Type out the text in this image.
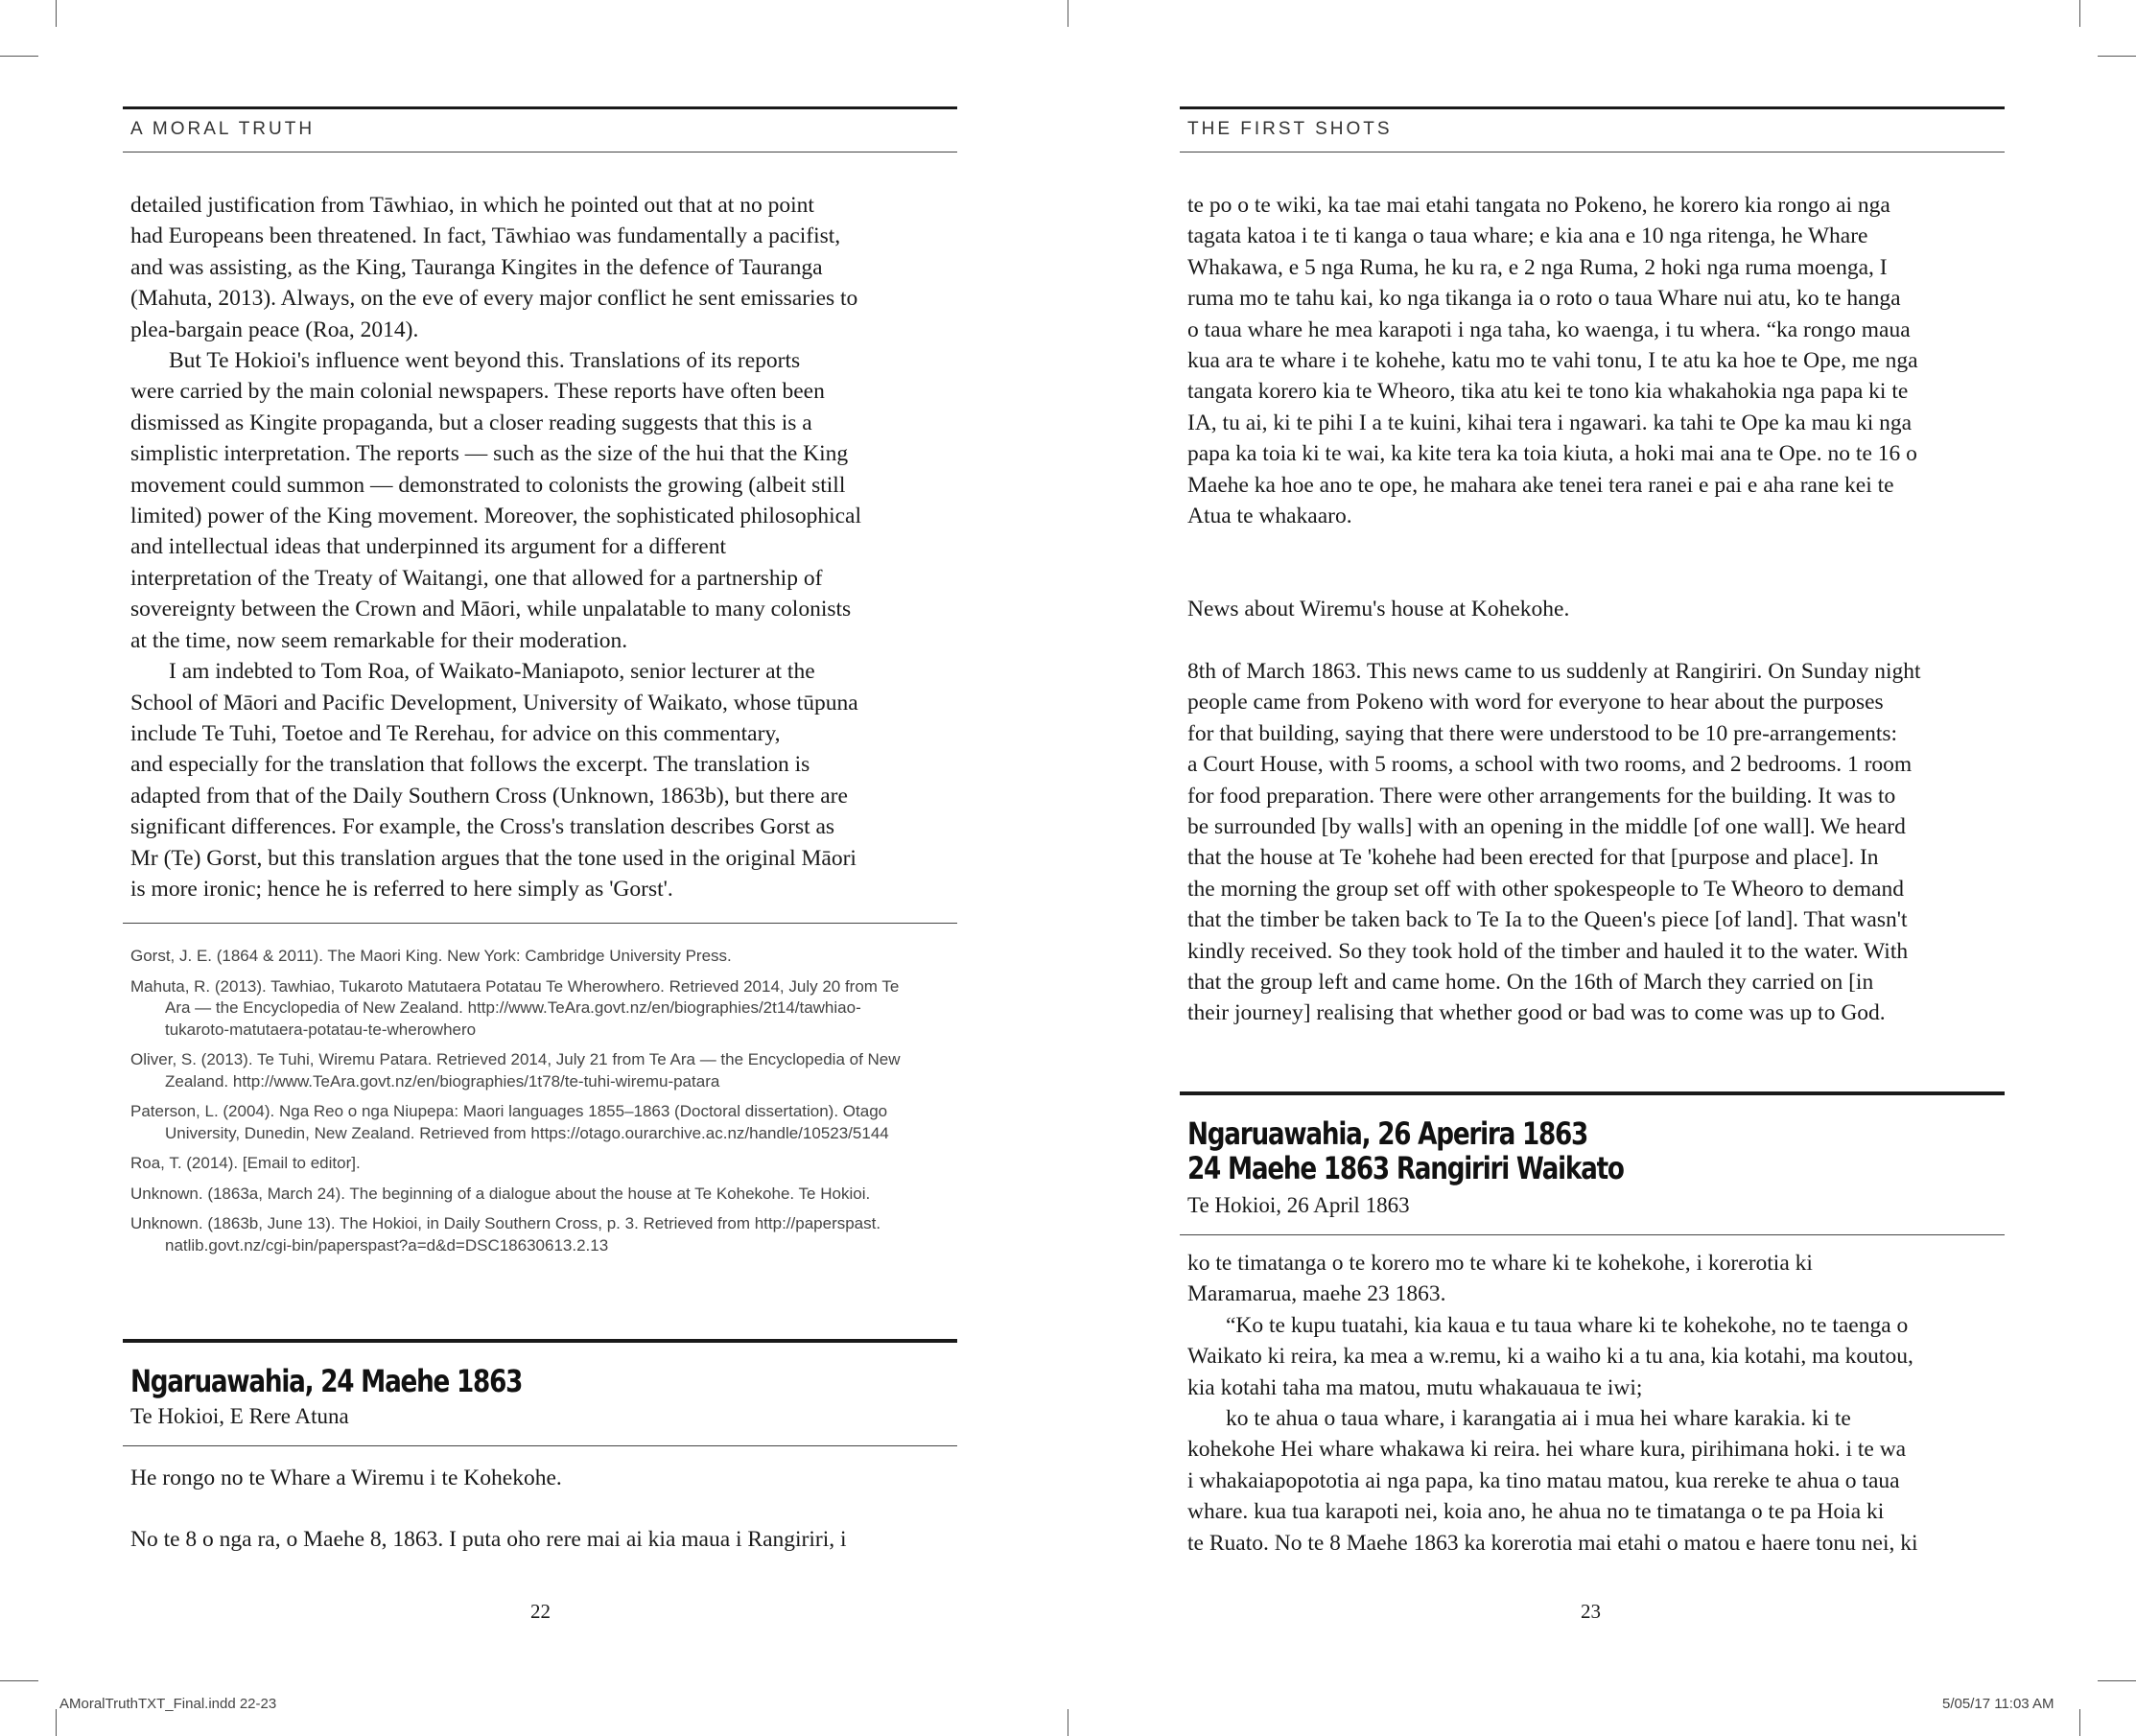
A MORAL TRUTH

detailed justification from Tāwhiao, in which he pointed out that at no point
had Europeans been threatened. In fact, Tāwhiao was fundamentally a pacifist,
and was assisting, as the King, Tauranga Kingites in the defence of Tauranga
(Mahuta, 2013). Always, on the eve of every major conflict he sent emissaries to
plea-bargain peace (Roa, 2014).

But Te Hokioi's influence went beyond this. Translations of its reports
were carried by the main colonial newspapers. These reports have often been
dismissed as Kingite propaganda, but a closer reading suggests that this is a
simplistic interpretation. The reports — such as the size of the hui that the King
movement could summon — demonstrated to colonists the growing (albeit still
limited) power of the King movement. Moreover, the sophisticated philosophical
and intellectual ideas that underpinned its argument for a different
interpretation of the Treaty of Waitangi, one that allowed for a partnership of
sovereignty between the Crown and Māori, while unpalatable to many colonists
at the time, now seem remarkable for their moderation.

I am indebted to Tom Roa, of Waikato-Maniapoto, senior lecturer at the
School of Māori and Pacific Development, University of Waikato, whose tūpuna
include Te Tuhi, Toetoe and Te Rerehau, for advice on this commentary,
and especially for the translation that follows the excerpt. The translation is
adapted from that of the Daily Southern Cross (Unknown, 1863b), but there are
significant differences. For example, the Cross's translation describes Gorst as
Mr (Te) Gorst, but this translation argues that the tone used in the original Māori
is more ironic; hence he is referred to here simply as 'Gorst'.

Gorst, J. E. (1864 & 2011). The Maori King. New York: Cambridge University Press.

Mahuta, R. (2013). Tawhiao, Tukaroto Matutaera Potatau Te Wherowhero. Retrieved 2014, July 20 from Te
Ara — the Encyclopedia of New Zealand. http://www.TeAra.govt.nz/en/biographies/2t14/tawhiao-
tukaroto-matutaera-potatau-te-wherowhero

Oliver, S. (2013). Te Tuhi, Wiremu Patara. Retrieved 2014, July 21 from Te Ara — the Encyclopedia of New
Zealand. http://www.TeAra.govt.nz/en/biographies/1t78/te-tuhi-wiremu-patara

Paterson, L. (2004). Nga Reo o nga Niupepa: Maori languages 1855–1863 (Doctoral dissertation). Otago
University, Dunedin, New Zealand. Retrieved from https://otago.ourarchive.ac.nz/handle/10523/5144

Roa, T. (2014). [Email to editor].

Unknown. (1863a, March 24). The beginning of a dialogue about the house at Te Kohekohe. Te Hokioi.

Unknown. (1863b, June 13). The Hokioi, in Daily Southern Cross, p. 3. Retrieved from http://paperspast.
natlib.govt.nz/cgi-bin/paperspast?a=d&d=DSC18630613.2.13

Ngaruawahia, 24 Maehe 1863
Te Hokioi, E Rere Atuna

He rongo no te Whare a Wiremu i te Kohekohe.

No te 8 o nga ra, o Maehe 8, 1863. I puta oho rere mai ai kia maua i Rangiriri, i

22
THE FIRST SHOTS

te po o te wiki, ka tae mai etahi tangata no Pokeno, he korero kia rongo ai nga
tagata katoa i te ti kanga o taua whare; e kia ana e 10 nga ritenga, he Whare
Whakawa, e 5 nga Ruma, he ku ra, e 2 nga Ruma, 2 hoki nga ruma moenga, I
ruma mo te tahu kai, ko nga tikanga ia o roto o taua Whare nui atu, ko te hanga
o taua whare he mea karapoti i nga taha, ko waenga, i tu whera. “ka rongo maua
kua ara te whare i te kohehe, katu mo te vahi tonu, I te atu ka hoe te Ope, me nga
tangata korero kia te Wheoro, tika atu kei te tono kia whakahokia nga papa ki te
IA, tu ai, ki te pihi I a te kuini, kihai tera i ngawari. ka tahi te Ope ka mau ki nga
papa ka toia ki te wai, ka kite tera ka toia kiuta, a hoki mai ana te Ope. no te 16 o
Maehe ka hoe ano te ope, he mahara ake tenei tera ranei e pai e aha rane kei te
Atua te whakaaro.

News about Wiremu's house at Kohekohe.

8th of March 1863. This news came to us suddenly at Rangiriri. On Sunday night
people came from Pokeno with word for everyone to hear about the purposes
for that building, saying that there were understood to be 10 pre-arrangements:
a Court House, with 5 rooms, a school with two rooms, and 2 bedrooms. 1 room
for food preparation. There were other arrangements for the building. It was to
be surrounded [by walls] with an opening in the middle [of one wall]. We heard
that the house at Te 'kohehe had been erected for that [purpose and place]. In
the morning the group set off with other spokespeople to Te Wheoro to demand
that the timber be taken back to Te Ia to the Queen's piece [of land]. That wasn't
kindly received. So they took hold of the timber and hauled it to the water. With
that the group left and came home. On the 16th of March they carried on [in
their journey] realising that whether good or bad was to come was up to God.

Ngaruawahia, 26 Aperira 1863
24 Maehe 1863 Rangiriri Waikato
Te Hokioi, 26 April 1863

ko te timatanga o te korero mo te whare ki te kohekohe, i korerotia ki
Maramarua, maehe 23 1863.

“Ko te kupu tuatahi, kia kaua e tu taua whare ki te kohekohe, no te taenga o
Waikato ki reira, ka mea a w.remu, ki a waiho ki a tu ana, kia kotahi, ma koutou,
kia kotahi taha ma matou, mutu whakauaua te iwi;

ko te ahua o taua whare, i karangatia ai i mua hei whare karakia. ki te
kohekohe Hei whare whakawa ki reira. hei whare kura, pirihimana hoki. i te wa
i whakaiapopototia ai nga papa, ka tino matau matou, kua rereke te ahua o taua
whare. kua tua karapoti nei, koia ano, he ahua no te timatanga o te pa Hoia ki
te Ruato. No te 8 Maehe 1863 ka korerotia mai etahi o matou e haere tonu nei, ki

23
AMoralTruthTXT_Final.indd 22-23	5/05/17 11:03 AM
